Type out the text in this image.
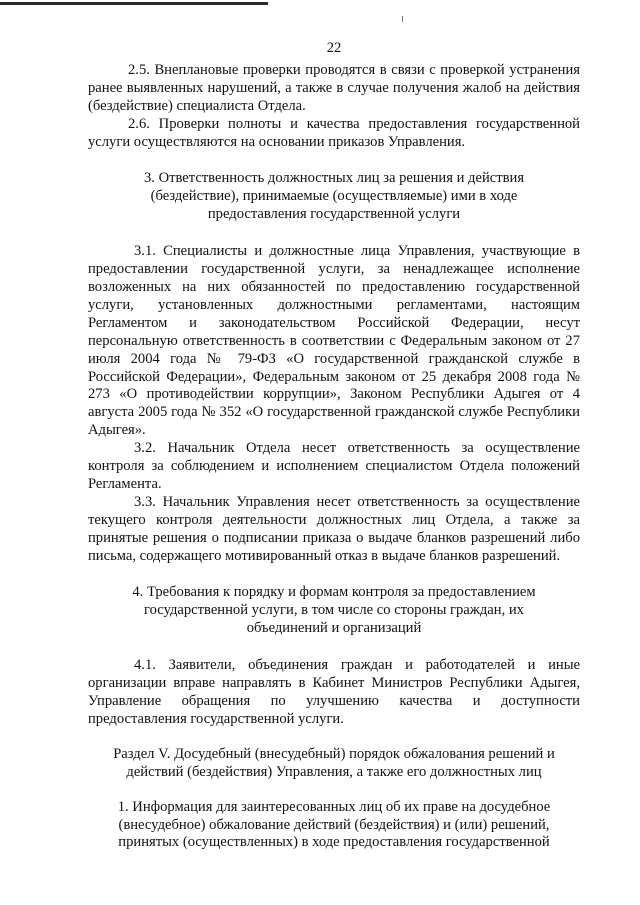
22

2.5. Внеплановые проверки проводятся в связи с проверкой устранения ранее выявленных нарушений, а также в случае получения жалоб на действия (бездействие) специалиста Отдела.

2.6. Проверки полноты и качества предоставления государственной услуги осуществляются на основании приказов Управления.

3. Ответственность должностных лиц за решения и действия (бездействие), принимаемые (осуществляемые) ими в ходе предоставления государственной услуги

3.1. Специалисты и должностные лица Управления, участвующие в предоставлении государственной услуги, за ненадлежащее исполнение возложенных на них обязанностей по предоставлению государственной услуги, установленных должностными регламентами, настоящим Регламентом и законодательством Российской Федерации, несут персональную ответственность в соответствии с Федеральным законом от 27 июля 2004 года № 79-ФЗ «О государственной гражданской службе в Российской Федерации», Федеральным законом от 25 декабря 2008 года № 273 «О противодействии коррупции», Законом Республики Адыгея от 4 августа 2005 года № 352 «О государственной гражданской службе Республики Адыгея».

3.2. Начальник Отдела несет ответственность за осуществление контроля за соблюдением и исполнением специалистом Отдела положений Регламента.

3.3. Начальник Управления несет ответственность за осуществление текущего контроля деятельности должностных лиц Отдела, а также за принятые решения о подписании приказа о выдаче бланков разрешений либо письма, содержащего мотивированный отказ в выдаче бланков разрешений.

4. Требования к порядку и формам контроля за предоставлением государственной услуги, в том числе со стороны граждан, их объединений и организаций

4.1. Заявители, объединения граждан и работодателей и иные организации вправе направлять в Кабинет Министров Республики Адыгея, Управление обращения по улучшению качества и доступности предоставления государственной услуги.

Раздел V. Досудебный (внесудебный) порядок обжалования решений и действий (бездействия) Управления, а также его должностных лиц

1. Информация для заинтересованных лиц об их праве на досудебное (внесудебное) обжалование действий (бездействия) и (или) решений, принятых (осуществленных) в ходе предоставления государственной
